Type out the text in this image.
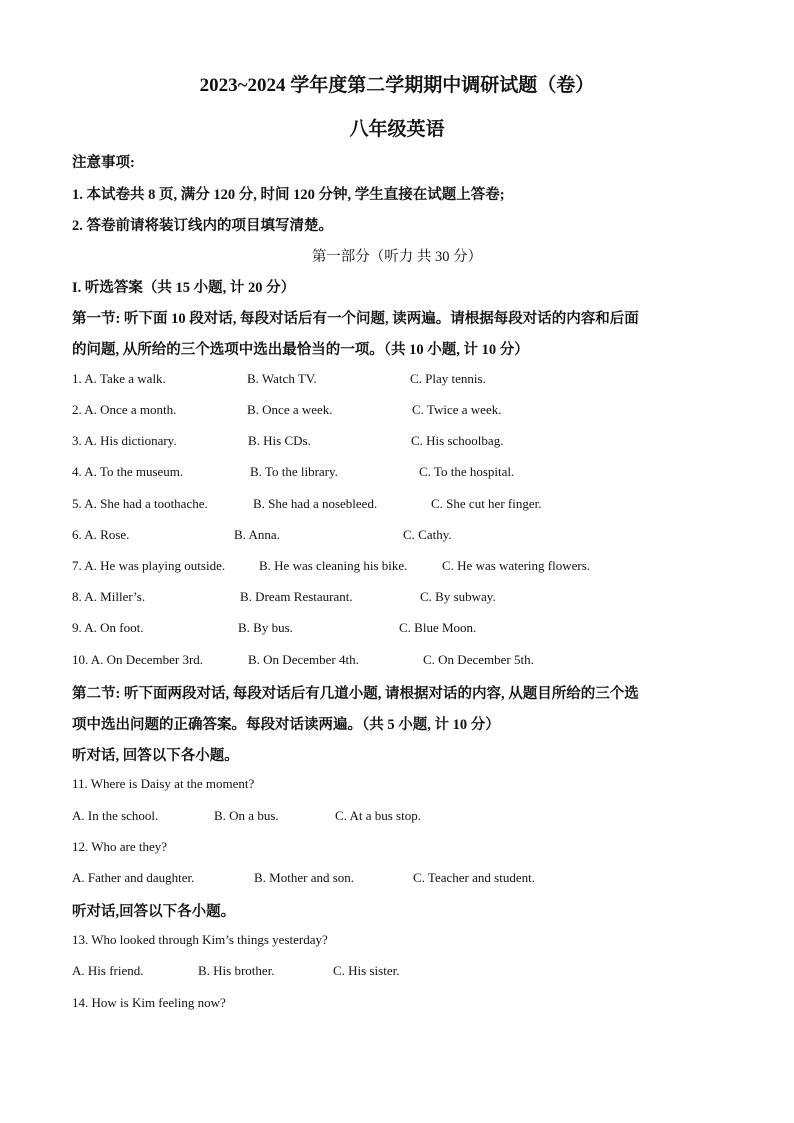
2023~2024 学年度第二学期期中调研试题（卷）
八年级英语
注意事项:
1. 本试卷共 8 页, 满分 120 分, 时间 120 分钟, 学生直接在试题上答卷;
2. 答卷前请将装订线内的项目填写清楚。
第一部分（听力 共 30 分）
I. 听选答案（共 15 小题, 计 20 分）
第一节: 听下面 10 段对话, 每段对话后有一个问题, 读两遍。请根据每段对话的内容和后面
的问题, 从所给的三个选项中选出最恰当的一项。（共 10 小题, 计 10 分）
1. A. Take a walk.	B. Watch TV.	C. Play tennis.
2. A. Once a month.	B. Once a week.	C. Twice a week.
3. A. His dictionary.	B. His CDs.	C. His schoolbag.
4. A. To the museum.	B. To the library.	C. To the hospital.
5. A. She had a toothache.	B. She had a nosebleed.	C. She cut her finger.
6. A. Rose.	B. Anna.	C. Cathy.
7. A. He was playing outside.	B. He was cleaning his bike.	C. He was watering flowers.
8. A. Miller’s.	B. Dream Restaurant.	C. By subway.
9. A. On foot.	B. By bus.	C. Blue Moon.
10. A. On December 3rd.	B. On December 4th.	C. On December 5th.
第二节: 听下面两段对话, 每段对话后有几道小题, 请根据对话的内容, 从题目所给的三个选
项中选出问题的正确答案。每段对话读两遍。（共 5 小题, 计 10 分）
听对话, 回答以下各小题。
11. Where is Daisy at the moment?
A. In the school.	B. On a bus.	C. At a bus stop.
12. Who are they?
A. Father and daughter.	B. Mother and son.	C. Teacher and student.
听对话,回答以下各小题。
13. Who looked through Kim’s things yesterday?
A. His friend.	B. His brother.	C. His sister.
14. How is Kim feeling now?
